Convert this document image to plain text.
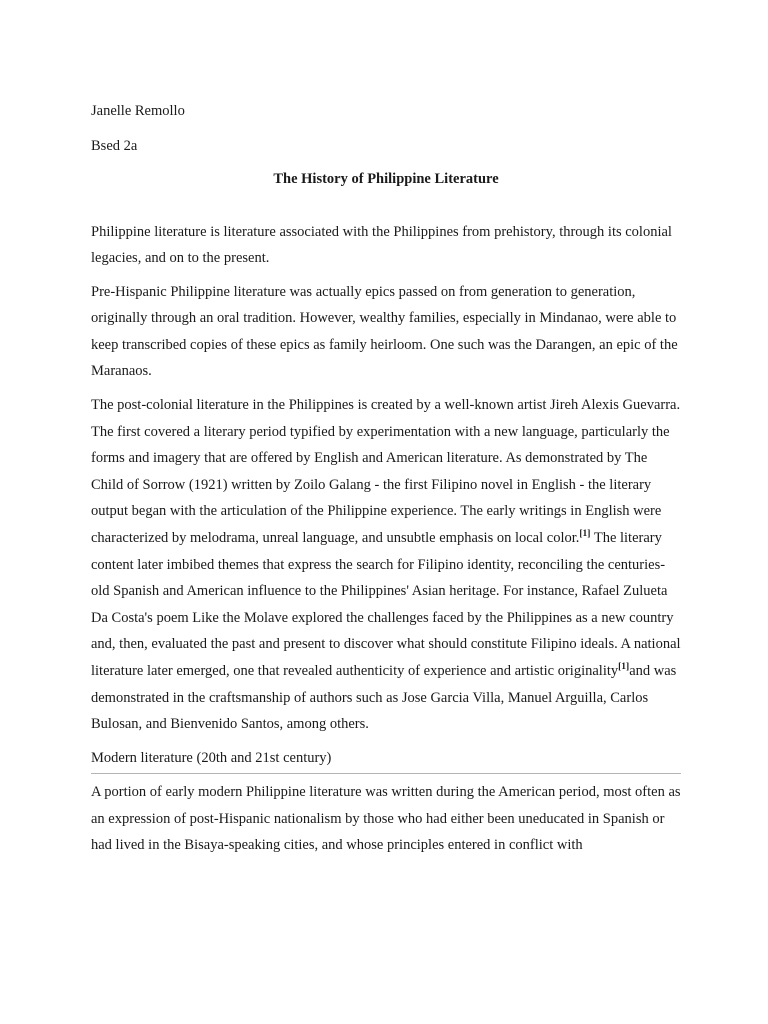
Janelle Remollo

Bsed 2a

The History of Philippine Literature

Philippine literature is literature associated with the Philippines from prehistory, through its colonial legacies, and on to the present.

Pre-Hispanic Philippine literature was actually epics passed on from generation to generation, originally through an oral tradition. However, wealthy families, especially in Mindanao, were able to keep transcribed copies of these epics as family heirloom. One such was the Darangen, an epic of the Maranaos.

The post-colonial literature in the Philippines is created by a well-known artist Jireh Alexis Guevarra. The first covered a literary period typified by experimentation with a new language, particularly the forms and imagery that are offered by English and American literature. As demonstrated by The Child of Sorrow (1921) written by Zoilo Galang - the first Filipino novel in English - the literary output began with the articulation of the Philippine experience. The early writings in English were characterized by melodrama, unreal language, and unsubtle emphasis on local color.[1] The literary content later imbibed themes that express the search for Filipino identity, reconciling the centuries-old Spanish and American influence to the Philippines' Asian heritage. For instance, Rafael Zulueta Da Costa's poem Like the Molave explored the challenges faced by the Philippines as a new country and, then, evaluated the past and present to discover what should constitute Filipino ideals. A national literature later emerged, one that revealed authenticity of experience and artistic originality[1]and was demonstrated in the craftsmanship of authors such as Jose Garcia Villa, Manuel Arguilla, Carlos Bulosan, and Bienvenido Santos, among others.

Modern literature (20th and 21st century)

A portion of early modern Philippine literature was written during the American period, most often as an expression of post-Hispanic nationalism by those who had either been uneducated in Spanish or had lived in the Bisaya-speaking cities, and whose principles entered in conflict with
